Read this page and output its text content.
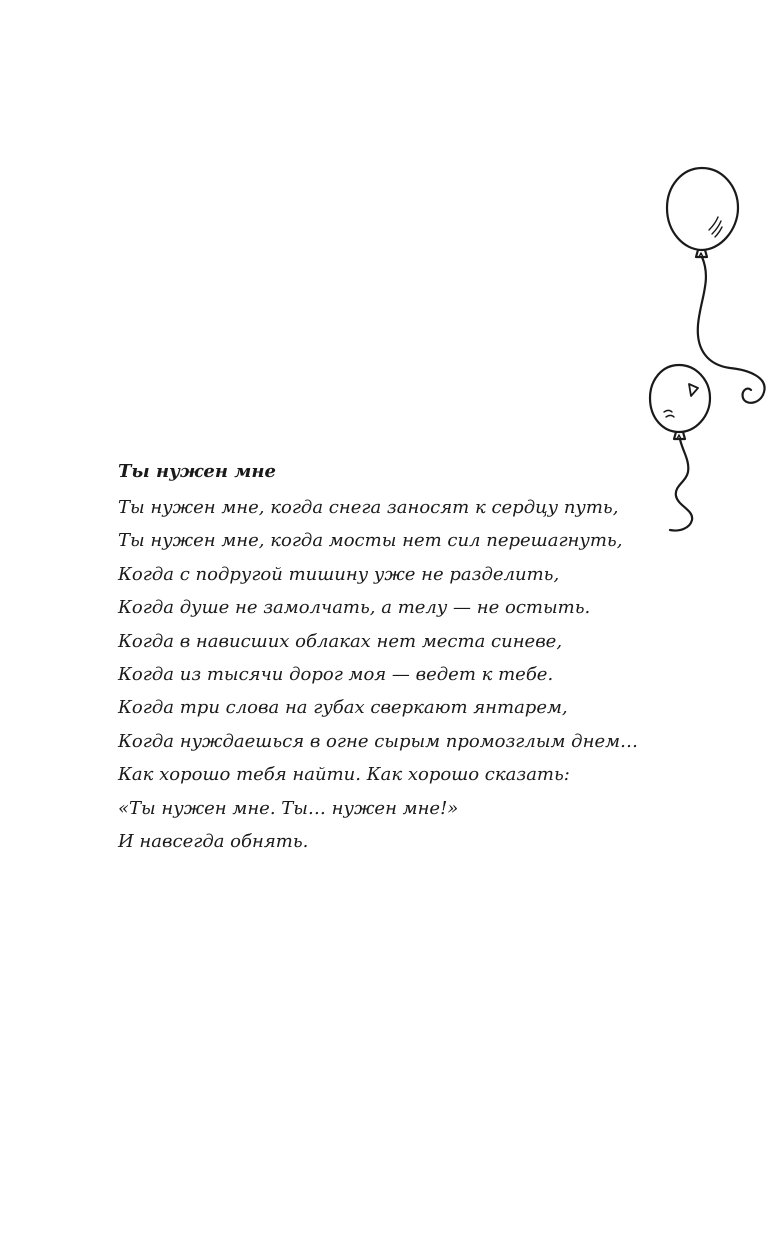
Ты нужен мне

Ты нужен мне, когда снега заносят к сердцу путь,

Ты нужен мне, когда мосты нет сил перешагнуть,

Когда с подругой тишину уже не разделить,

Когда душе не замолчать, а телу — не остыть.

Когда в нависших облаках нет места синеве,

Когда из тысячи дорог моя — ведет к тебе.

Когда три слова на губах сверкают янтарем,

Когда нуждаешься в огне сырым промозглым днем…

Как хорошо тебя найти. Как хорошо сказать:

«Ты нужен мне. Ты… нужен мне!»

И навсегда обнять.
